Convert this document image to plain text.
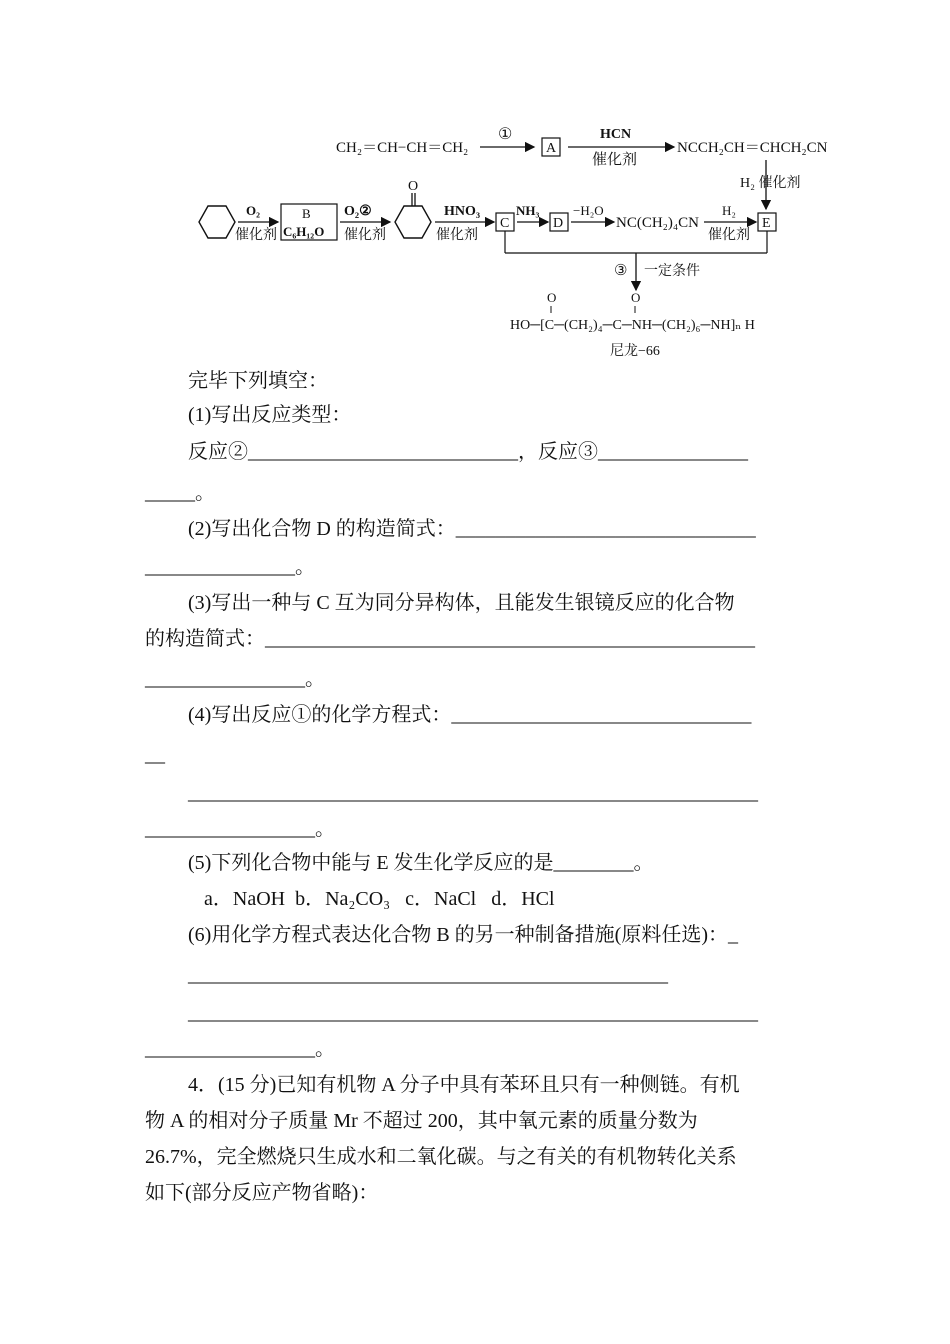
CH₂＝CH−CH＝CH₂
①
A
HCN
催化剂
NCCH₂CH＝CHCH₂CN
H₂ 催化剂
O₂
催化剂
B
C₆H₁₂O
O₂②
催化剂
O
HNO₃
催化剂
C
NH₃
D
−H₂O
NC(CH₂)₄CN
H₂
催化剂
E
③ 一定条件
O	O
HO─[C─(CH₂)₄─C─NH─(CH₂)₆─NH]ₙ H
尼龙−66
完毕下列填空：
(1)写出反应类型：
反应②___________________________，反应③_______________
_____。
(2)写出化合物 D 的构造简式：______________________________
_______________。
(3)写出一种与 C 互为同分异构体，且能发生银镜反应的化合物
的构造简式：_________________________________________________
________________。
(4)写出反应①的化学方程式：______________________________
__
_________________________________________________________
_________________。
(5)下列化合物中能与 E 发生化学反应的是________。
a．NaOH  b．Na₂CO₃   c．NaCl   d．HCl
(6)用化学方程式表达化合物 B 的另一种制备措施(原料任选)：_
________________________________________________
_________________________________________________________
_________________。
4．(15 分)已知有机物 A 分子中具有苯环且只有一种侧链。有机
物 A 的相对分子质量 Mr 不超过 200，其中氧元素的质量分数为
26.7%，完全燃烧只生成水和二氧化碳。与之有关的有机物转化关系
如下(部分反应产物省略)：
